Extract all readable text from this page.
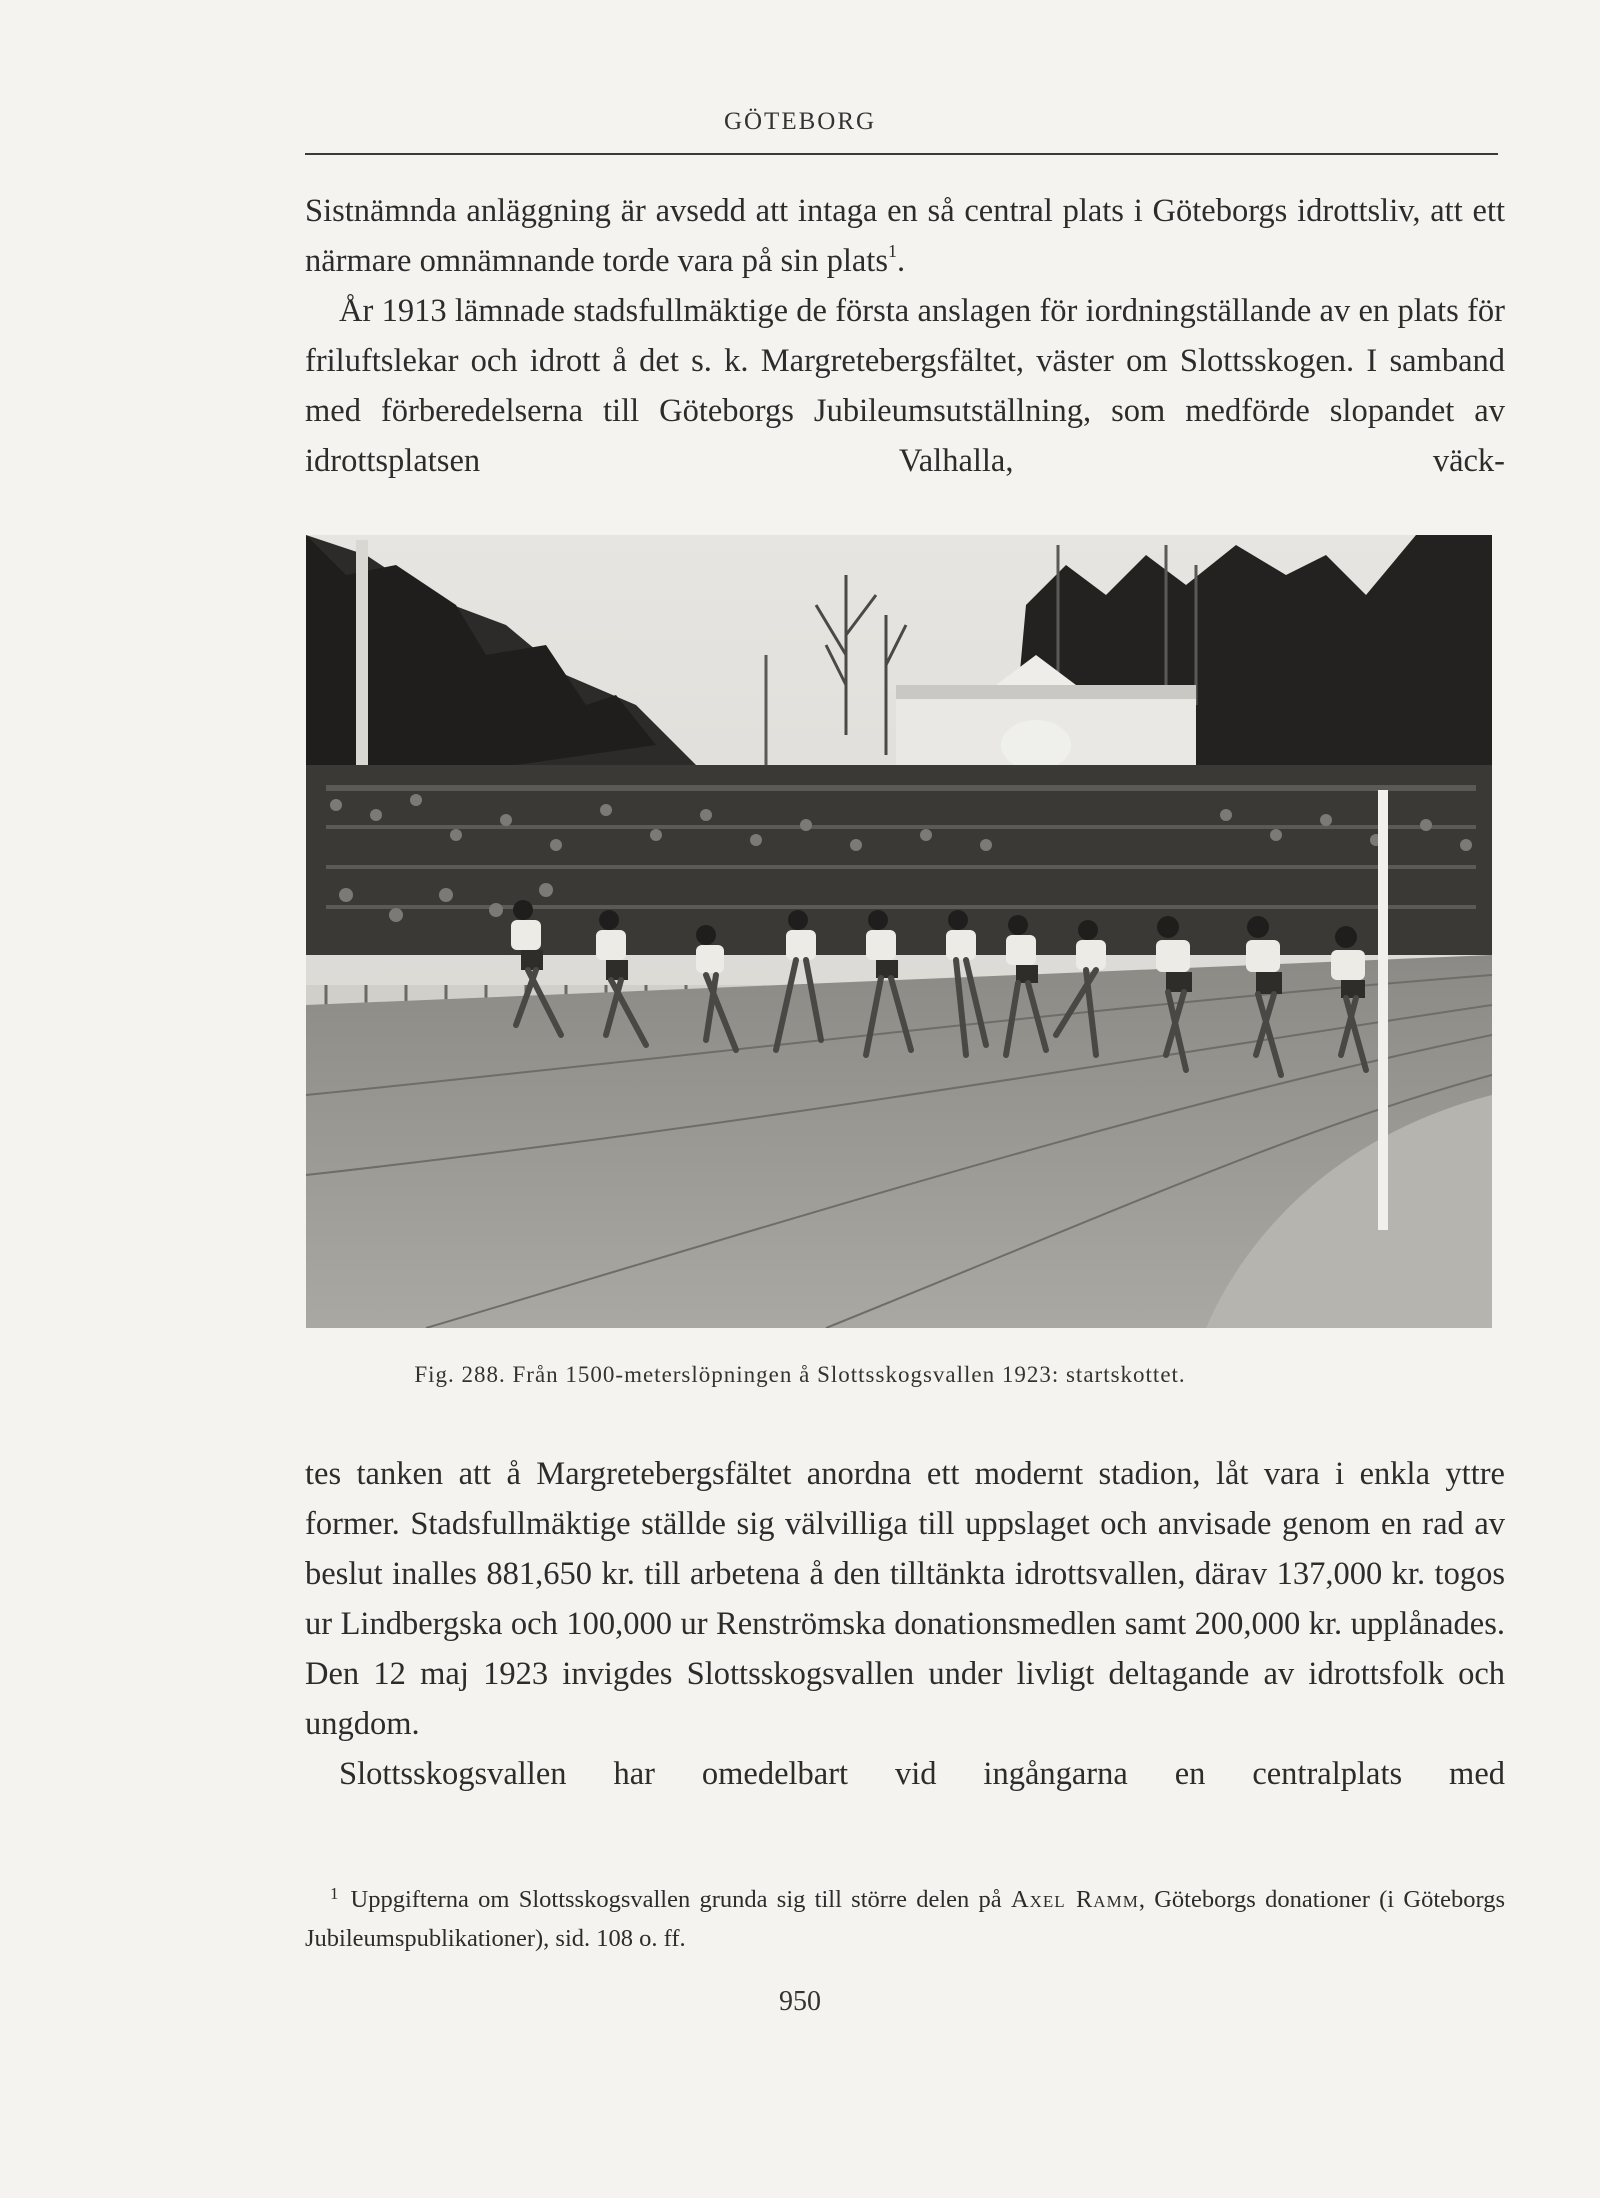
GÖTEBORG

Sistnämnda anläggning är avsedd att intaga en så central plats i Göteborgs idrottsliv, att ett närmare omnämnande torde vara på sin plats$^1$.

År 1913 lämnade stadsfullmäktige de första anslagen för iordningställande av en plats för friluftslekar och idrott å det s. k. Margretebergsfältet, väster om Slottsskogen. I samband med förberedelserna till Göteborgs Jubileumsutställning, som medförde slopandet av idrottsplatsen Valhalla, väck-

Fig. 288. Från 1500-meterslöpningen å Slottsskogsvallen 1923: startskottet.

tes tanken att å Margretebergsfältet anordna ett modernt stadion, låt vara i enkla yttre former. Stadsfullmäktige ställde sig välvilliga till uppslaget och anvisade genom en rad av beslut inalles 881,650 kr. till arbetena å den tilltänkta idrottsvallen, därav 137,000 kr. togos ur Lindbergska och 100,000 ur Renströmska donationsmedlen samt 200,000 kr. upplånades. Den 12 maj 1923 invigdes Slottsskogsvallen under livligt deltagande av idrottsfolk och ungdom.

Slottsskogsvallen har omedelbart vid ingångarna en centralplats med

$^1$ Uppgifterna om Slottsskogsvallen grunda sig till större delen på Axel Ramm, Göteborgs donationer (i Göteborgs Jubileumspublikationer), sid. 108 o. ff.
950
